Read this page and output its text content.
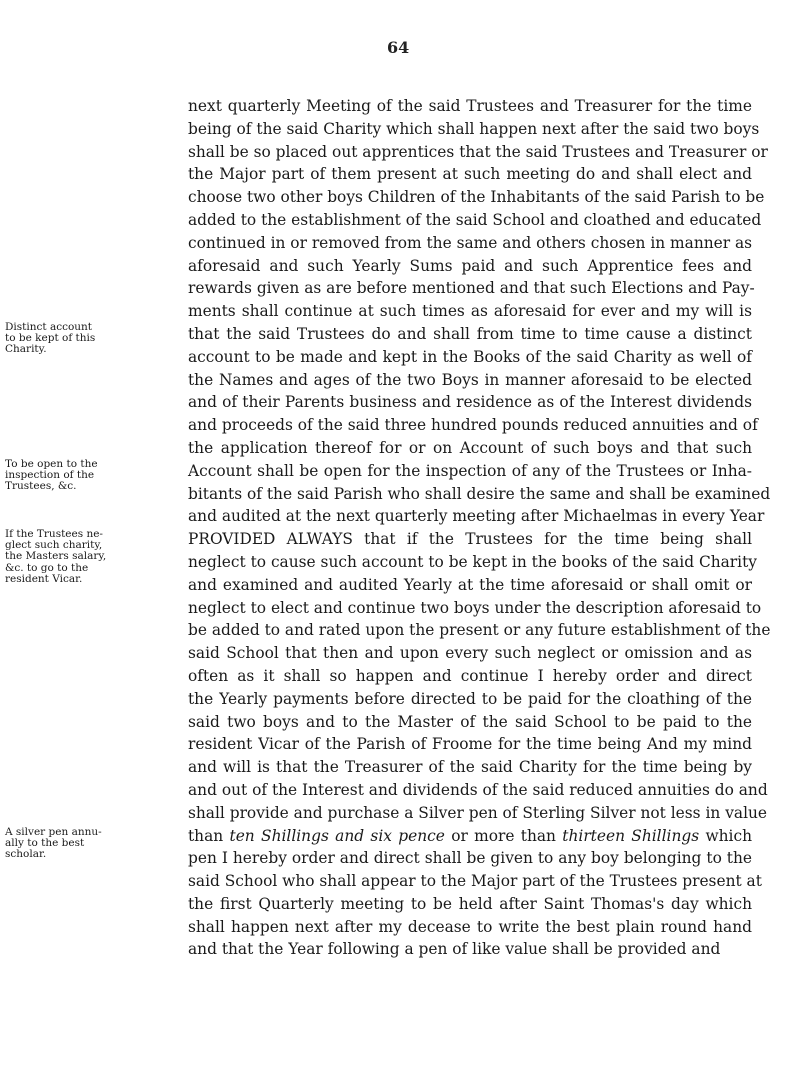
64
next quarterly Meeting of the said Trustees and Treasurer for the time
being of the said Charity which shall happen next after the said two boys
shall be so placed out apprentices that the said Trustees and Treasurer or
the Major part of them present at such meeting do and shall elect and
choose two other boys Children of the Inhabitants of the said Parish to be
added to the establishment of the said School and cloathed and educated
continued in or removed from the same and others chosen in manner as
aforesaid and such Yearly Sums paid and such Apprentice fees and
rewards given as are before mentioned and that such Elections and Pay-
ments shall continue at such times as aforesaid for ever and my will is
that the said Trustees do and shall from time to time cause a distinct
account to be made and kept in the Books of the said Charity as well of
the Names and ages of the two Boys in manner aforesaid to be elected
and of their Parents business and residence as of the Interest dividends
and proceeds of the said three hundred pounds reduced annuities and of
the application thereof for or on Account of such boys and that such
Account shall be open for the inspection of any of the Trustees or Inha-
bitants of the said Parish who shall desire the same and shall be examined
and audited at the next quarterly meeting after Michaelmas in every Year
PROVIDED ALWAYS that if the Trustees for the time being shall
neglect to cause such account to be kept in the books of the said Charity
and examined and audited Yearly at the time aforesaid or shall omit or
neglect to elect and continue two boys under the description aforesaid to
be added to and rated upon the present or any future establishment of the
said School that then and upon every such neglect or omission and as
often as it shall so happen and continue I hereby order and direct
the Yearly payments before directed to be paid for the cloathing of the
said two boys and to the Master of the said School to be paid to the
resident Vicar of the Parish of Froome for the time being And my mind
and will is that the Treasurer of the said Charity for the time being by
and out of the Interest and dividends of the said reduced annuities do and
shall provide and purchase a Silver pen of Sterling Silver not less in value
than ten Shillings and six pence or more than thirteen Shillings which
pen I hereby order and direct shall be given to any boy belonging to the
said School who shall appear to the Major part of the Trustees present at
the first Quarterly meeting to be held after Saint Thomas's day which
shall happen next after my decease to write the best plain round hand
and that the Year following a pen of like value shall be provided and
Distinct account
to be kept of this
Charity.
To be open to the
inspection of the
Trustees, &c.
If the Trustees ne-
glect such charity,
the Masters salary,
&c. to go to the
resident Vicar.
A silver pen annu-
ally to the best
scholar.
